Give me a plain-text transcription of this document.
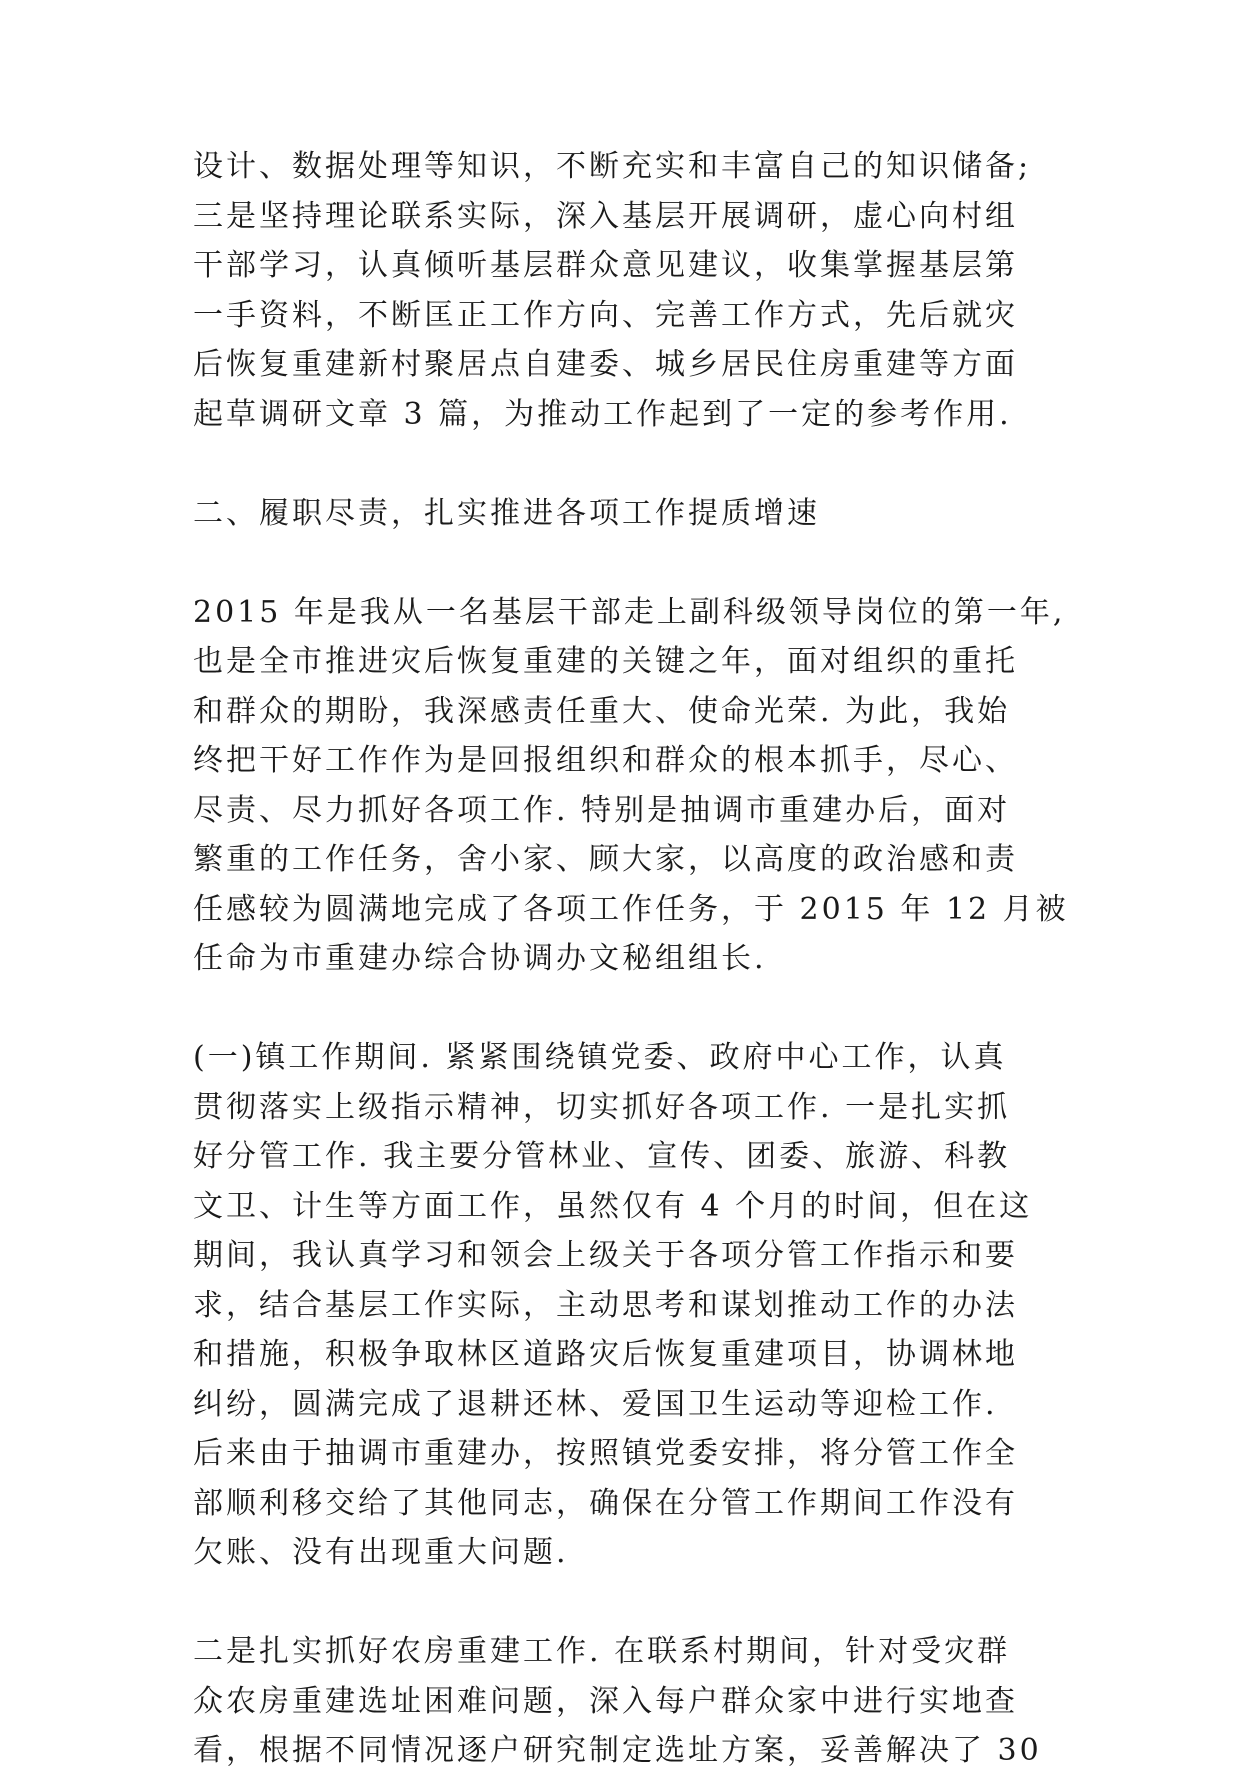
设计、数据处理等知识，不断充实和丰富自己的知识储备;
三是坚持理论联系实际，深入基层开展调研，虚心向村组
干部学习，认真倾听基层群众意见建议，收集掌握基层第
一手资料，不断匡正工作方向、完善工作方式，先后就灾
后恢复重建新村聚居点自建委、城乡居民住房重建等方面
起草调研文章 3 篇，为推动工作起到了一定的参考作用.
二、履职尽责，扎实推进各项工作提质增速
2015 年是我从一名基层干部走上副科级领导岗位的第一年,
也是全市推进灾后恢复重建的关键之年，面对组织的重托
和群众的期盼，我深感责任重大、使命光荣. 为此，我始
终把干好工作作为是回报组织和群众的根本抓手，尽心、
尽责、尽力抓好各项工作. 特别是抽调市重建办后，面对
繁重的工作任务，舍小家、顾大家，以高度的政治感和责
任感较为圆满地完成了各项工作任务，于 2015 年 12 月被
任命为市重建办综合协调办文秘组组长.
(一)镇工作期间. 紧紧围绕镇党委、政府中心工作，认真
贯彻落实上级指示精神，切实抓好各项工作. 一是扎实抓
好分管工作. 我主要分管林业、宣传、团委、旅游、科教
文卫、计生等方面工作，虽然仅有 4 个月的时间，但在这
期间，我认真学习和领会上级关于各项分管工作指示和要
求，结合基层工作实际，主动思考和谋划推动工作的办法
和措施，积极争取林区道路灾后恢复重建项目，协调林地
纠纷，圆满完成了退耕还林、爱国卫生运动等迎检工作.
后来由于抽调市重建办，按照镇党委安排，将分管工作全
部顺利移交给了其他同志，确保在分管工作期间工作没有
欠账、没有出现重大问题.
二是扎实抓好农房重建工作. 在联系村期间，针对受灾群
众农房重建选址困难问题，深入每户群众家中进行实地查
看，根据不同情况逐户研究制定选址方案，妥善解决了 30
